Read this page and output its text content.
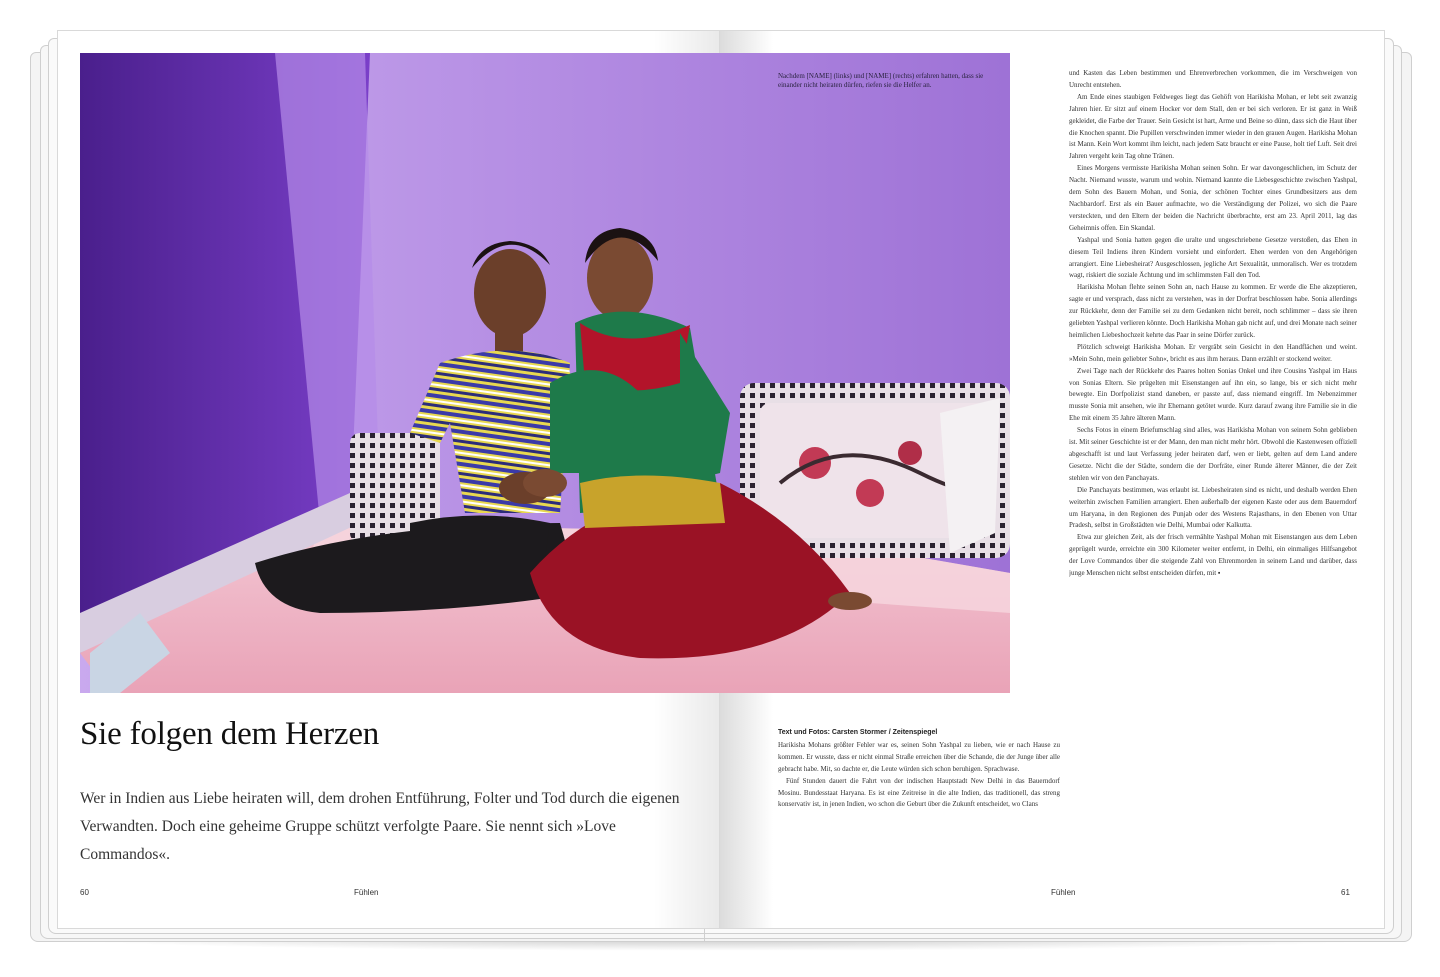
Nachdem [NAME] (links) und [NAME] (rechts) erfahren hatten, dass sie einander nicht heiraten dürfen, riefen sie die Helfer an.
Sie folgen dem Herzen

Wer in Indien aus Liebe heiraten will, dem drohen Entführung, Folter und Tod durch die eigenen Verwandten. Doch eine geheime Gruppe schützt verfolgte Paare. Sie nennt sich »Love Commandos«.

Text und Fotos: Carsten Stormer / Zeitenspiegel

Harikisha Mohans größter Fehler war es, seinen Sohn Yashpal zu lieben, wie er nach Hause zu kommen. Er wusste, dass er nicht einmal Straße erreichen über die Schande, die der Junge über alle gebracht habe. Mit, so dachte er, die Leute würden sich schon beruhigen. Sprachwase.

Fünf Stunden dauert die Fahrt von der indischen Hauptstadt New Delhi in das Bauerndorf Mosinu. Bundesstaat Haryana. Es ist eine Zeitreise in die alte Indien, das traditionell, das streng konservativ ist, in jenen Indien, wo schon die Geburt über die Zukunft entscheidet, wo Clans

und Kasten das Leben bestimmen und Ehrenverbrechen vorkommen, die im Verschweigen von Unrecht entstehen.

Am Ende eines staubigen Feldweges liegt das Gehöft von Harikisha Mohan, er lebt seit zwanzig Jahren hier. Er sitzt auf einem Hocker vor dem Stall, den er bei sich verloren. Er ist ganz in Weiß gekleidet, die Farbe der Trauer. Sein Gesicht ist hart, Arme und Beine so dünn, dass sich die Haut über die Knochen spannt. Die Pupillen verschwinden immer wieder in den grauen Augen. Harikisha Mohan ist Mann. Kein Wort kommt ihm leicht, nach jedem Satz braucht er eine Pause, holt tief Luft. Seit drei Jahren vergeht kein Tag ohne Tränen.

Eines Morgens vermisste Harikisha Mohan seinen Sohn. Er war davongeschlichen, im Schutz der Nacht. Niemand wusste, warum und wohin. Niemand kannte die Liebesgeschichte zwischen Yashpal, dem Sohn des Bauern Mohan, und Sonia, der schönen Tochter eines Grundbesitzers aus dem Nachbardorf. Erst als ein Bauer aufmachte, wo die Verständigung der Polizei, wo sich die Paare versteckten, und den Eltern der beiden die Nachricht überbrachte, erst am 23. April 2011, lag das Geheimnis offen. Ein Skandal.

Yashpal und Sonia hatten gegen die uralte und ungeschriebene Gesetze verstoßen, das Ehen in diesem Teil Indiens ihren Kindern vorsieht und einfordert. Ehen werden von den Angehörigen arrangiert. Eine Liebesheirat? Ausgeschlossen, jegliche Art Sexualität, unmoralisch. Wer es trotzdem wagt, riskiert die soziale Ächtung und im schlimmsten Fall den Tod.

Harikisha Mohan flehte seinen Sohn an, nach Hause zu kommen. Er werde die Ehe akzeptieren, sagte er und versprach, dass nicht zu verstehen, was in der Dorfrat beschlossen habe. Sonia allerdings zur Rückkehr, denn der Familie sei zu dem Gedanken nicht bereit, noch schlimmer – dass sie ihren geliebten Yashpal verlieren könnte. Doch Harikisha Mohan gab nicht auf, und drei Monate nach seiner heimlichen Liebeshochzeit kehrte das Paar in seine Dörfer zurück.

Plötzlich schweigt Harikisha Mohan. Er vergräbt sein Gesicht in den Handflächen und weint. »Mein Sohn, mein geliebter Sohn«, bricht es aus ihm heraus. Dann erzählt er stockend weiter.

Zwei Tage nach der Rückkehr des Paares holten Sonias Onkel und ihre Cousins Yashpal im Haus von Sonias Eltern. Sie prügelten mit Eisenstangen auf ihn ein, so lange, bis er sich nicht mehr bewegte. Ein Dorfpolizist stand daneben, er passte auf, dass niemand eingriff. Im Nebenzimmer musste Sonia mit ansehen, wie ihr Ehemann getötet wurde. Kurz darauf zwang ihre Familie sie in die Ehe mit einem 35 Jahre älteren Mann.

Sechs Fotos in einem Briefumschlag sind alles, was Harikisha Mohan von seinem Sohn geblieben ist. Mit seiner Geschichte ist er der Mann, den man nicht mehr hört. Obwohl die Kastenwesen offiziell abgeschafft ist und laut Verfassung jeder heiraten darf, wen er liebt, gelten auf dem Land andere Gesetze. Nicht die der Städte, sondern die der Dorfräte, einer Runde älterer Männer, die der Zeit stehlen wir von den Panchayats.

Die Panchayats bestimmen, was erlaubt ist. Liebesheiraten sind es nicht, und deshalb werden Ehen weiterhin zwischen Familien arrangiert. Ehen außerhalb der eigenen Kaste oder aus dem Bauerndorf um Haryana, in den Regionen des Punjab oder des Westens Rajasthans, in den Ebenen von Uttar Pradesh, selbst in Großstädten wie Delhi, Mumbai oder Kalkutta.

Etwa zur gleichen Zeit, als der frisch vermählte Yashpal Mohan mit Eisenstangen aus dem Leben geprügelt wurde, erreichte ein 300 Kilometer weiter entfernt, in Delhi, ein einmaliges Hilfsangebot der Love Commandos über die steigende Zahl von Ehrenmorden in seinem Land und darüber, dass junge Menschen nicht selbst entscheiden dürfen, mit ▪

60	Fühlen	Fühlen	61
